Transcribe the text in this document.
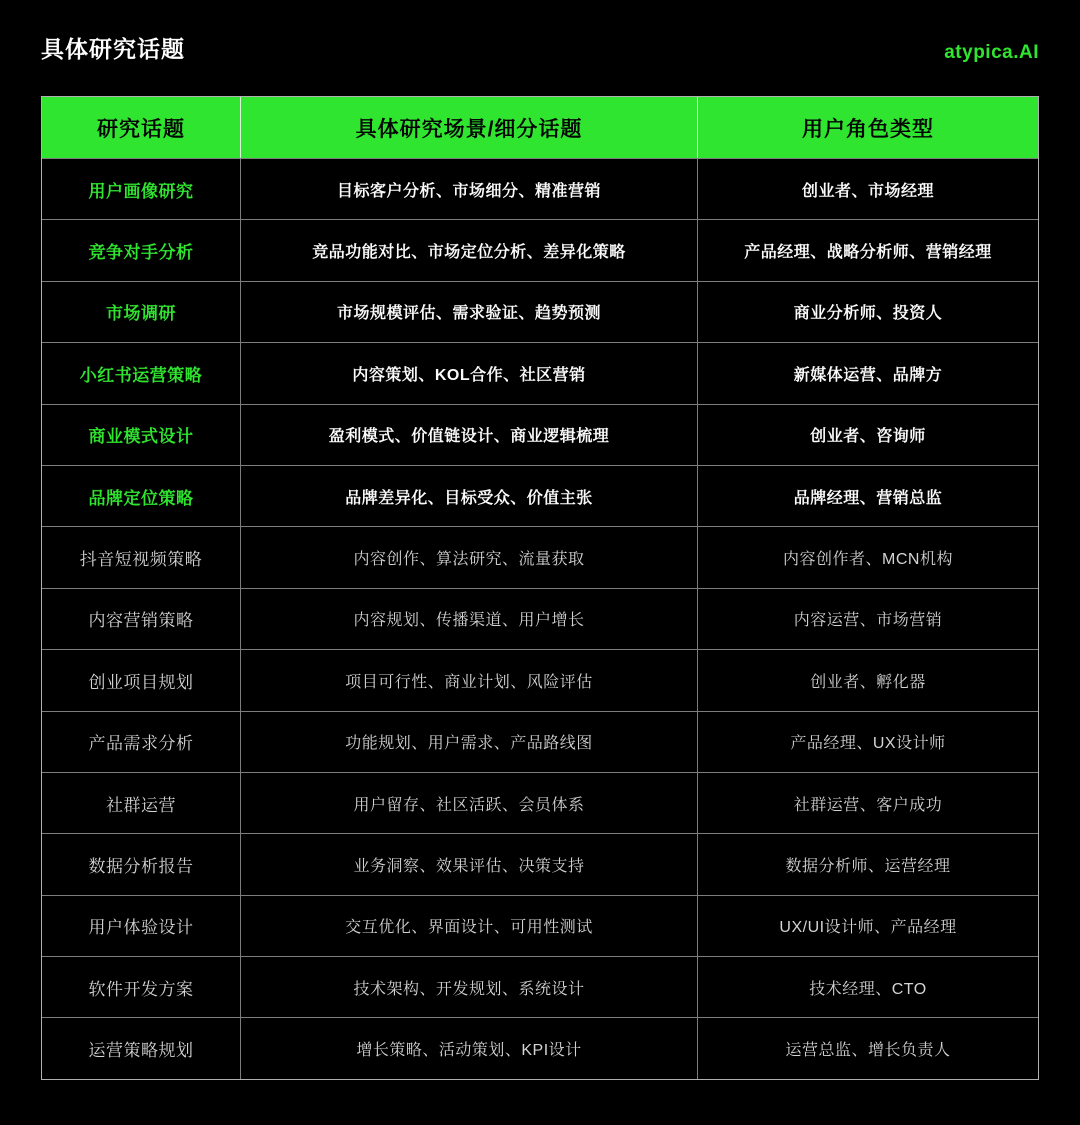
具体研究话题	atypica.AI
研究话题	具体研究场景/细分话题	用户角色类型
用户画像研究	目标客户分析、市场细分、精准营销	创业者、市场经理
竞争对手分析	竞品功能对比、市场定位分析、差异化策略	产品经理、战略分析师、营销经理
市场调研	市场规模评估、需求验证、趋势预测	商业分析师、投资人
小红书运营策略	内容策划、KOL合作、社区营销	新媒体运营、品牌方
商业模式设计	盈利模式、价值链设计、商业逻辑梳理	创业者、咨询师
品牌定位策略	品牌差异化、目标受众、价值主张	品牌经理、营销总监
抖音短视频策略	内容创作、算法研究、流量获取	内容创作者、MCN机构
内容营销策略	内容规划、传播渠道、用户增长	内容运营、市场营销
创业项目规划	项目可行性、商业计划、风险评估	创业者、孵化器
产品需求分析	功能规划、用户需求、产品路线图	产品经理、UX设计师
社群运营	用户留存、社区活跃、会员体系	社群运营、客户成功
数据分析报告	业务洞察、效果评估、决策支持	数据分析师、运营经理
用户体验设计	交互优化、界面设计、可用性测试	UX/UI设计师、产品经理
软件开发方案	技术架构、开发规划、系统设计	技术经理、CTO
运营策略规划	增长策略、活动策划、KPI设计	运营总监、增长负责人
